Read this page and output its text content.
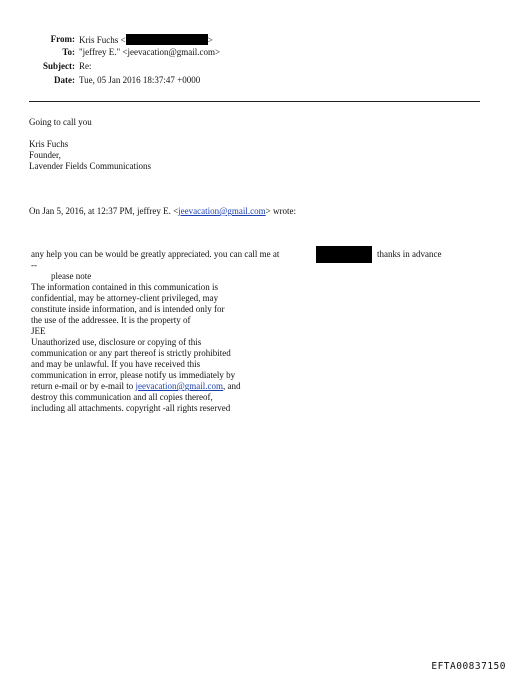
From: Kris Fuchs <	>
To: "jeffrey E." <jeevacation@gmail.com>
Subject: Re:
Date: Tue, 05 Jan 2016 18:37:47 +0000
Going to call you
Kris Fuchs
Founder,
Lavender Fields Communications
On Jan 5, 2016, at 12:37 PM, jeffrey E. <jeevacation@gmail.com> wrote:
any help you can be would be greatly appreciated. you can call me at	thanks in advance
--
please note
The information contained in this communication is
confidential, may be attorney-client privileged, may
constitute inside information, and is intended only for
the use of the addressee. It is the property of
JEE
Unauthorized use, disclosure or copying of this
communication or any part thereof is strictly prohibited
and may be unlawful. If you have received this
communication in error, please notify us immediately by
return e-mail or by e-mail to jeevacation@gmail.com, and
destroy this communication and all copies thereof,
including all attachments. copyright -all rights reserved
EFTA00837150
